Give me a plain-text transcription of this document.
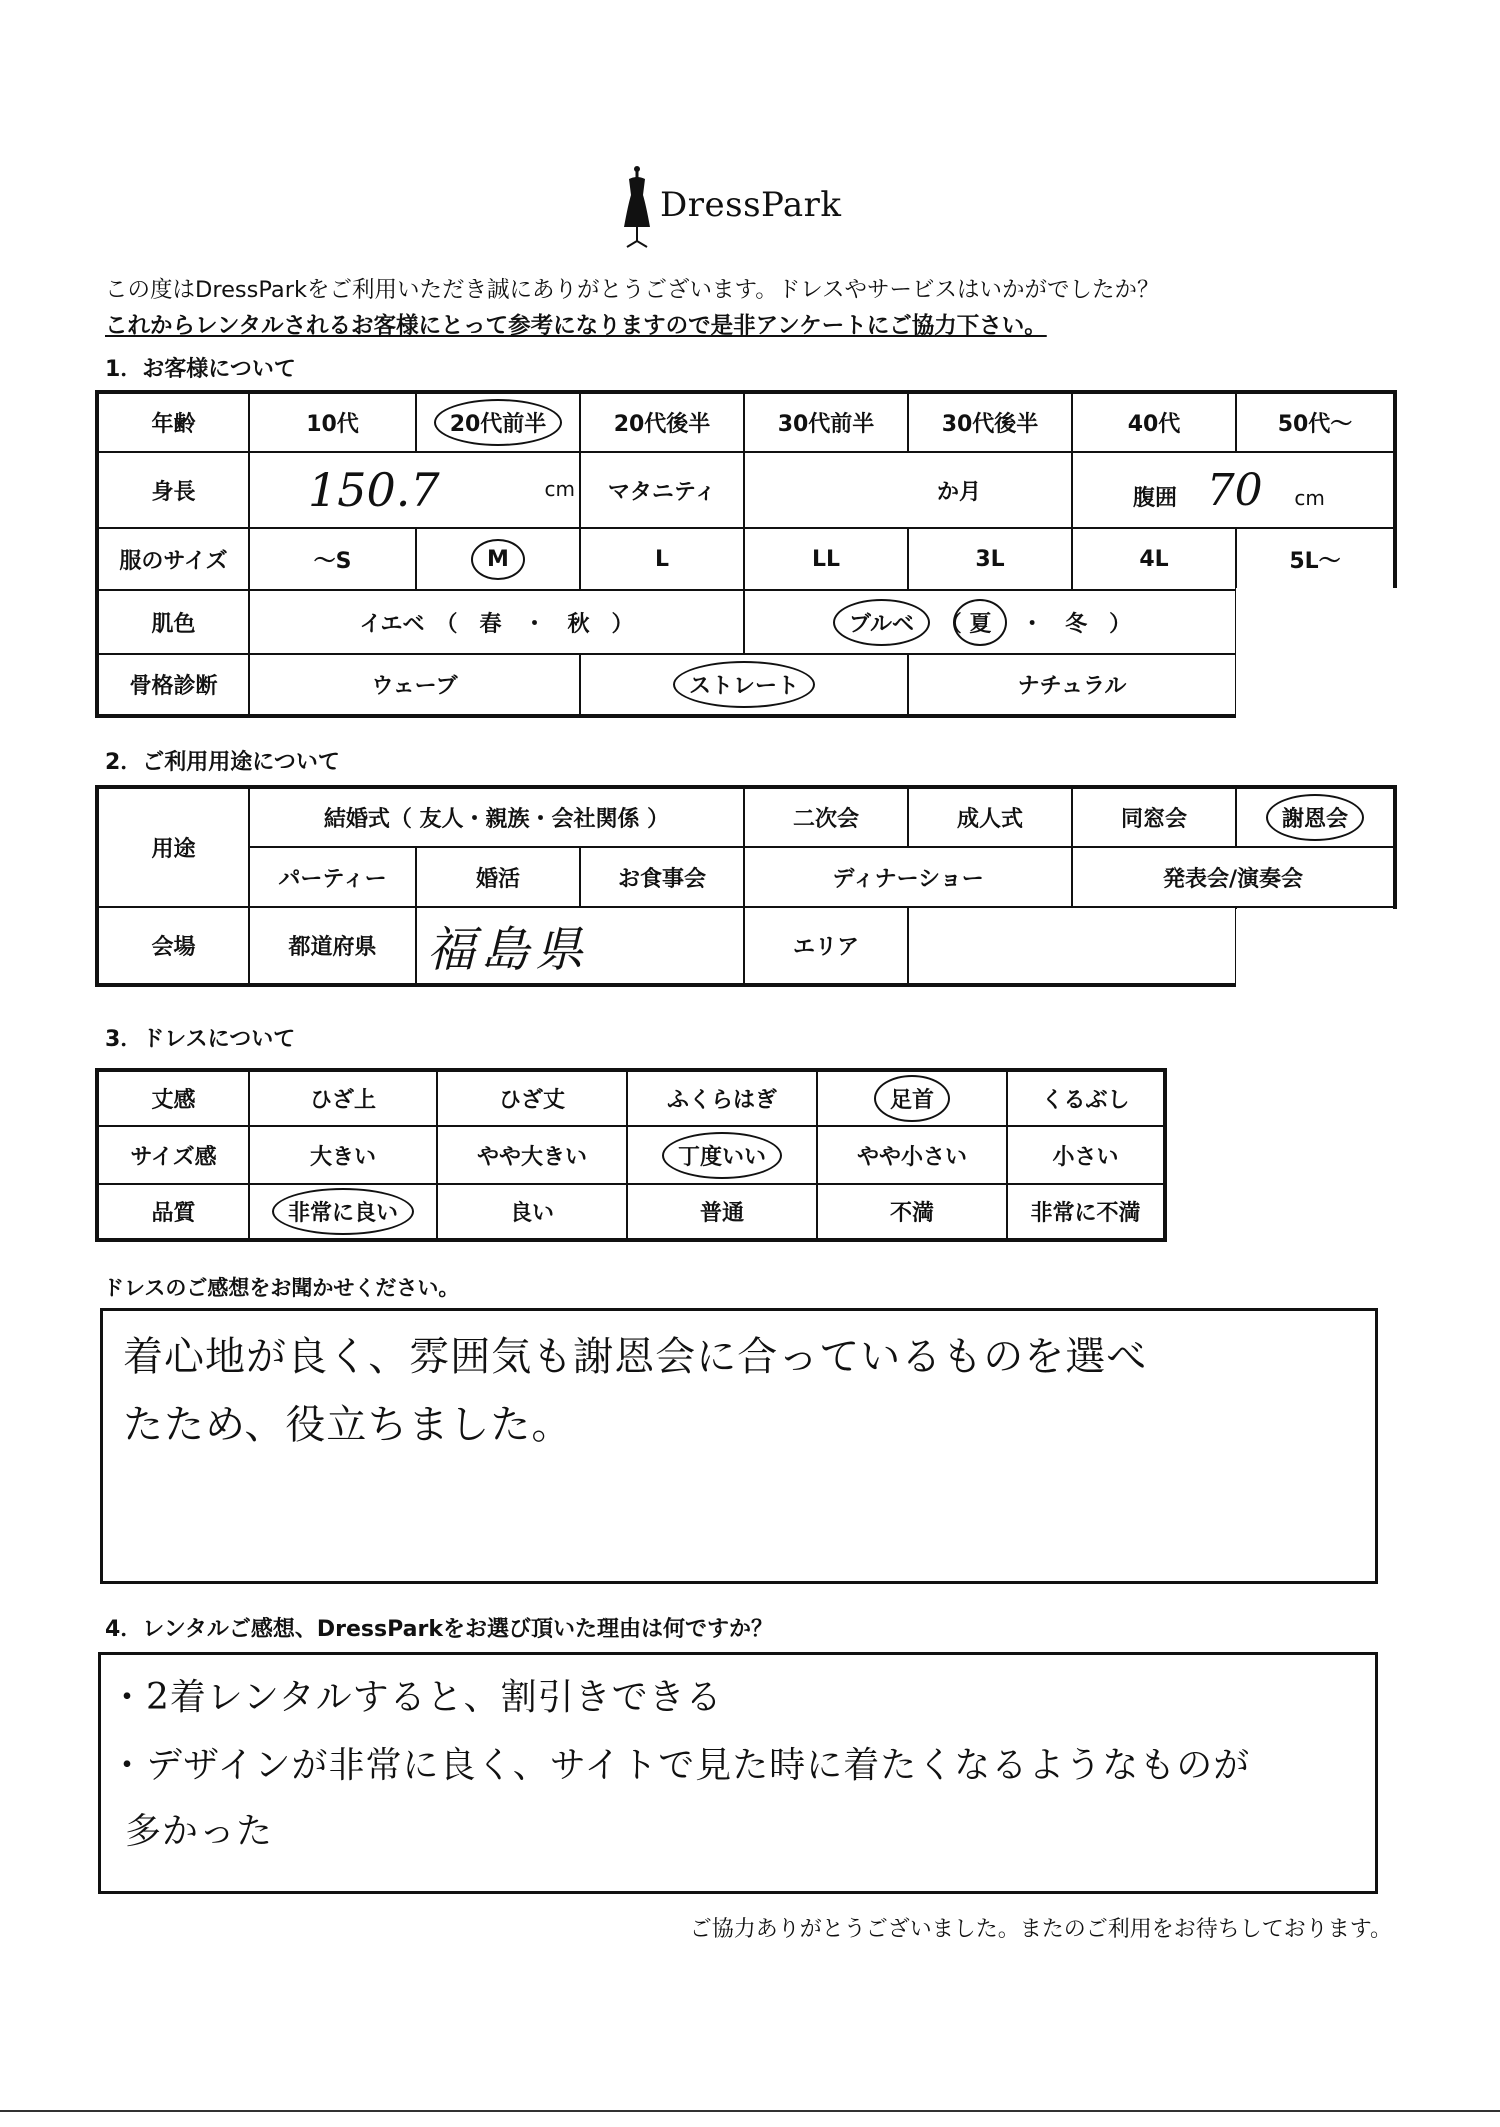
DressPark
この度はDressParkをご利用いただき誠にありがとうございます。ドレスやサービスはいかがでしたか？
これからレンタルされるお客様にとって参考になりますので是非アンケートにご協力下さい。
1．お客様について
年齢	10代	20代前半	20代後半	30代前半	30代後半	40代	50代～
身長	150.7 cm		マタニティ	か月		腹囲 70 cm	
服のサイズ	～S	M	L	LL	3L	4L	5L～
肌色	イエベ　（　春　・　秋　）			ブルベ （ 夏 ・　冬　）			
骨格診断	ウェーブ		ストレート		ナチュラル		
2．ご利用用途について
用途	結婚式（ 友人・親族・会社関係 ）			二次会	成人式	同窓会	謝恩会
	パーティー	婚活	お食事会	ディナーショー		発表会/演奏会	
会場	都道府県	福島県		エリア			
3．ドレスについて
丈感	ひざ上	ひざ丈	ふくらはぎ	足首	くるぶし
サイズ感	大きい	やや大きい	丁度いい	やや小さい	小さい
品質	非常に良い	良い	普通	不満	非常に不満
ドレスのご感想をお聞かせください。
着心地が良く、雰囲気も謝恩会に合っているものを選べ
たため、役立ちました。
4．レンタルご感想、DressParkをお選び頂いた理由は何ですか？
・2着レンタルすると、割引きできる
・デザインが非常に良く、サイトで見た時に着たくなるようなものが
多かった
ご協力ありがとうございました。またのご利用をお待ちしております。
